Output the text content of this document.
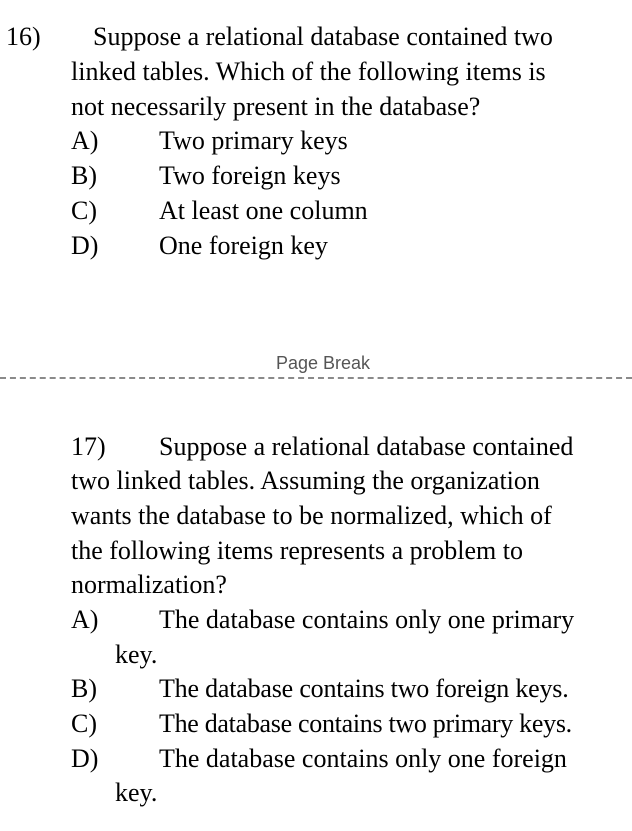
16) Suppose a relational database contained two
linked tables. Which of the following items is
not necessarily present in the database?
A) Two primary keys
B) Two foreign keys
C) At least one column
D) One foreign key
Page Break
17) Suppose a relational database contained
two linked tables. Assuming the organization
wants the database to be normalized, which of
the following items represents a problem to
normalization?
A) The database contains only one primary
key.
B) The database contains two foreign keys.
C) The database contains two primary keys.
D) The database contains only one foreign
key.
